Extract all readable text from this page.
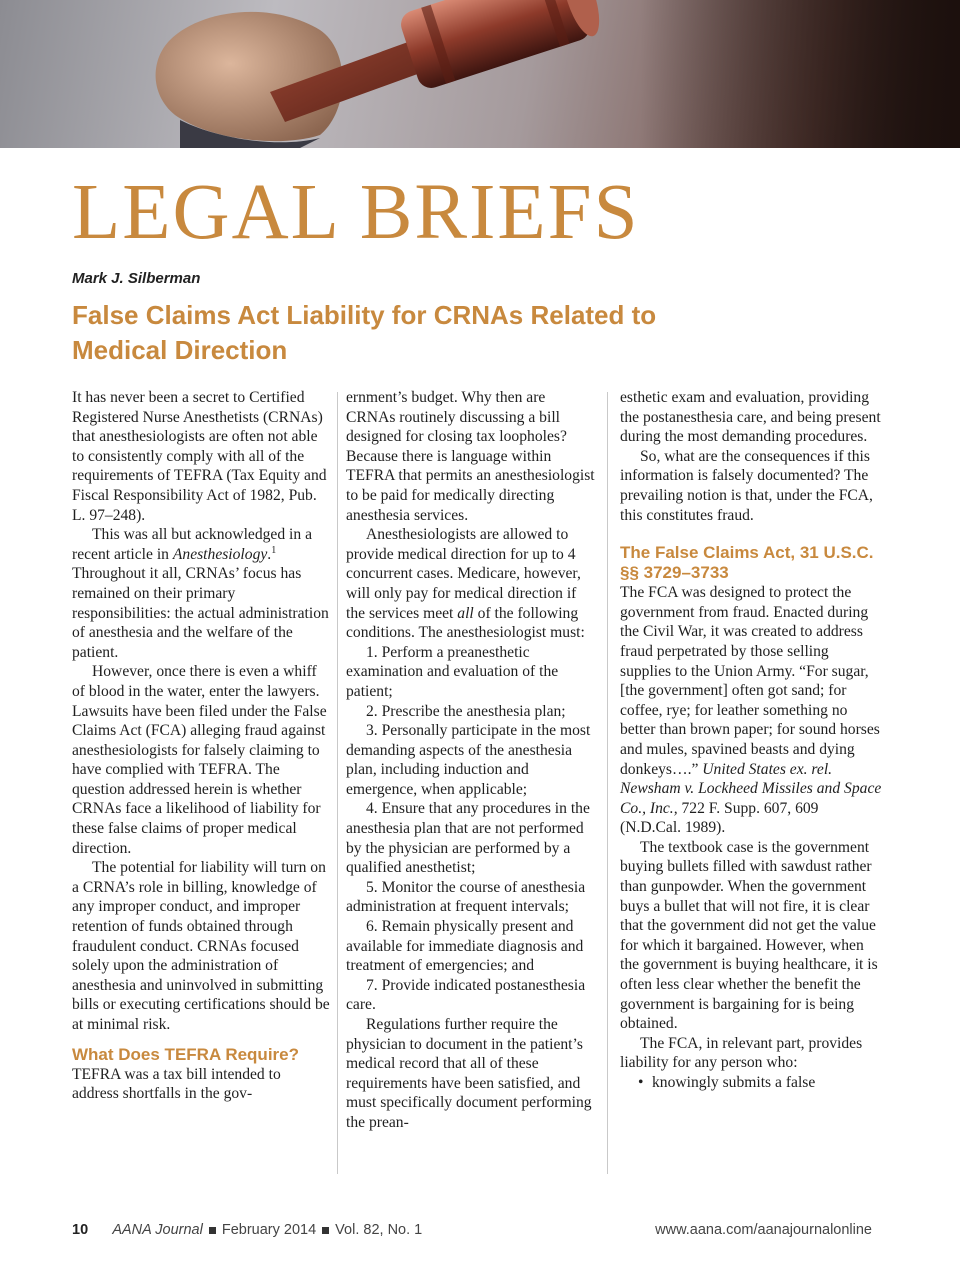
LEGAL BRIEFS
Mark J. Silberman
False Claims Act Liability for CRNAs Related to Medical Direction

It has never been a secret to Certified Registered Nurse Anesthetists (CRNAs) that anesthesiologists are often not able to consistently comply with all of the requirements of TEFRA (Tax Equity and Fiscal Responsibility Act of 1982, Pub. L. 97–248).

This was all but acknowledged in a recent article in Anesthesiology.$^1$ Throughout it all, CRNAs’ focus has remained on their primary responsibilities: the actual administration of anesthesia and the welfare of the patient.

However, once there is even a whiff of blood in the water, enter the lawyers. Lawsuits have been filed under the False Claims Act (FCA) alleging fraud against anesthesiologists for falsely claiming to have complied with TEFRA. The question addressed herein is whether CRNAs face a likelihood of liability for these false claims of proper medical direction.

The potential for liability will turn on a CRNA’s role in billing, knowledge of any improper conduct, and improper retention of funds obtained through fraudulent conduct. CRNAs focused solely upon the administration of anesthesia and uninvolved in submitting bills or executing certifications should be at minimal risk.

What Does TEFRA Require?

TEFRA was a tax bill intended to address shortfalls in the gov-

ernment’s budget. Why then are CRNAs routinely discussing a bill designed for closing tax loopholes? Because there is language within TEFRA that permits an anesthesiologist to be paid for medically directing anesthesia services.

Anesthesiologists are allowed to provide medical direction for up to 4 concurrent cases. Medicare, however, will only pay for medical direction if the services meet all of the following conditions. The anesthesiologist must:

1. Perform a preanesthetic examination and evaluation of the patient;

2. Prescribe the anesthesia plan;

3. Personally participate in the most demanding aspects of the anesthesia plan, including induction and emergence, when applicable;

4. Ensure that any procedures in the anesthesia plan that are not performed by the physician are performed by a qualified anesthetist;

5. Monitor the course of anesthesia administration at frequent intervals;

6. Remain physically present and available for immediate diagnosis and treatment of emergencies; and

7. Provide indicated postanesthesia care.

Regulations further require the physician to document in the patient’s medical record that all of these requirements have been satisfied, and must specifically document performing the prean-

esthetic exam and evaluation, providing the postanesthesia care, and being present during the most demanding procedures.

So, what are the consequences if this information is falsely documented? The prevailing notion is that, under the FCA, this constitutes fraud.

The False Claims Act, 31 U.S.C. §§ 3729–3733

The FCA was designed to protect the government from fraud. Enacted during the Civil War, it was created to address fraud perpetrated by those selling supplies to the Union Army. “For sugar, [the government] often got sand; for coffee, rye; for leather something no better than brown paper; for sound horses and mules, spavined beasts and dying donkeys….” United States ex. rel. Newsham v. Lockheed Missiles and Space Co., Inc., 722 F. Supp. 607, 609 (N.D.Cal. 1989).

The textbook case is the government buying bullets filled with sawdust rather than gunpowder. When the government buys a bullet that will not fire, it is clear that the government did not get the value for which it bargained. However, when the government is buying healthcare, it is often less clear whether the benefit the government is bargaining for is being obtained.

The FCA, in relevant part, provides liability for any person who:

• knowingly submits a false

10 AANA Journal February 2014 Vol. 82, No. 1	www.aana.com/aanajournalonline
